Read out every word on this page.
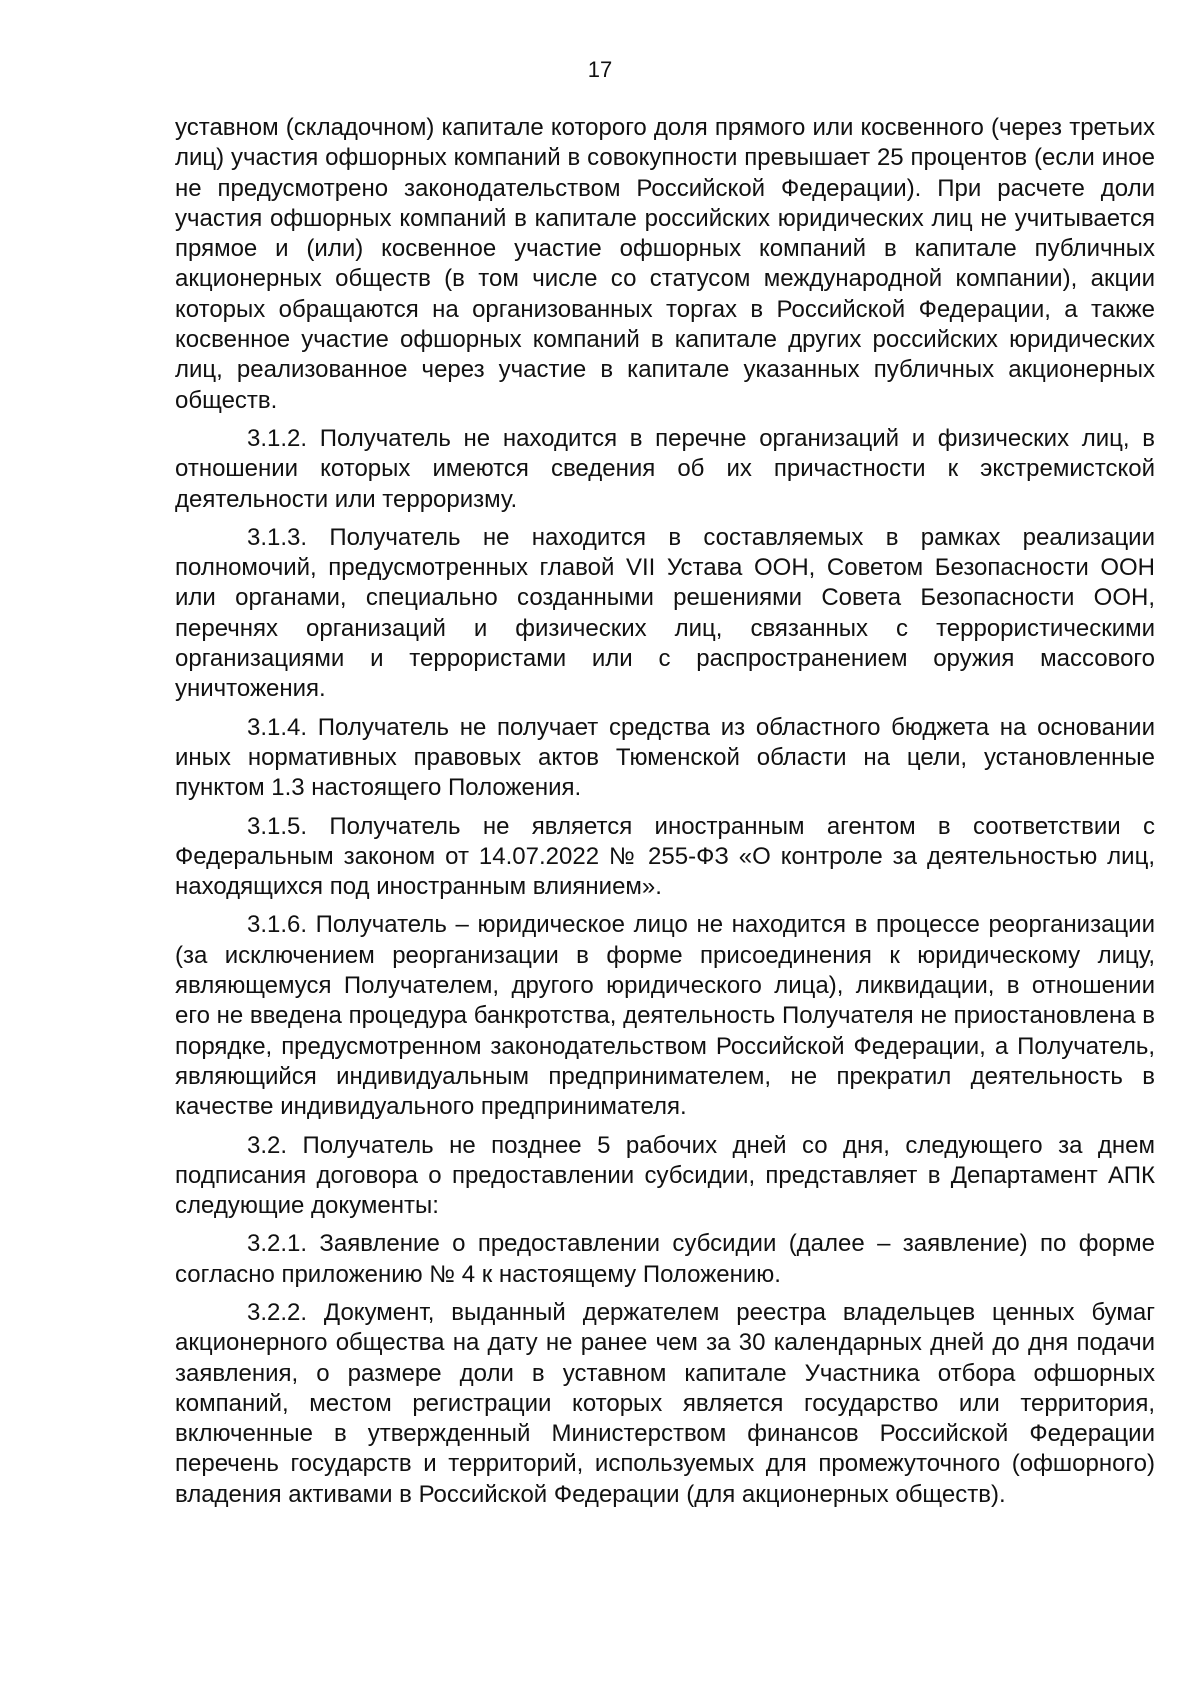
17

уставном (складочном) капитале которого доля прямого или косвенного (через третьих лиц) участия офшорных компаний в совокупности превышает 25 процентов (если иное не предусмотрено законодательством Российской Федерации). При расчете доли участия офшорных компаний в капитале российских юридических лиц не учитывается прямое и (или) косвенное участие офшорных компаний в капитале публичных акционерных обществ (в том числе со статусом международной компании), акции которых обращаются на организованных торгах в Российской Федерации, а также косвенное участие офшорных компаний в капитале других российских юридических лиц, реализованное через участие в капитале указанных публичных акционерных обществ.

3.1.2. Получатель не находится в перечне организаций и физических лиц, в отношении которых имеются сведения об их причастности к экстремистской деятельности или терроризму.

3.1.3. Получатель не находится в составляемых в рамках реализации полномочий, предусмотренных главой VII Устава ООН, Советом Безопасности ООН или органами, специально созданными решениями Совета Безопасности ООН, перечнях организаций и физических лиц, связанных с террористическими организациями и террористами или с распространением оружия массового уничтожения.

3.1.4. Получатель не получает средства из областного бюджета на основании иных нормативных правовых актов Тюменской области на цели, установленные пунктом 1.3 настоящего Положения.

3.1.5. Получатель не является иностранным агентом в соответствии с Федеральным законом от 14.07.2022 № 255-ФЗ «О контроле за деятельностью лиц, находящихся под иностранным влиянием».

3.1.6. Получатель – юридическое лицо не находится в процессе реорганизации (за исключением реорганизации в форме присоединения к юридическому лицу, являющемуся Получателем, другого юридического лица), ликвидации, в отношении его не введена процедура банкротства, деятельность Получателя не приостановлена в порядке, предусмотренном законодательством Российской Федерации, а Получатель, являющийся индивидуальным предпринимателем, не прекратил деятельность в качестве индивидуального предпринимателя.

3.2. Получатель не позднее 5 рабочих дней со дня, следующего за днем подписания договора о предоставлении субсидии, представляет в Департамент АПК следующие документы:

3.2.1. Заявление о предоставлении субсидии (далее – заявление) по форме согласно приложению № 4 к настоящему Положению.

3.2.2. Документ, выданный держателем реестра владельцев ценных бумаг акционерного общества на дату не ранее чем за 30 календарных дней до дня подачи заявления, о размере доли в уставном капитале Участника отбора офшорных компаний, местом регистрации которых является государство или территория, включенные в утвержденный Министерством финансов Российской Федерации перечень государств и территорий, используемых для промежуточного (офшорного) владения активами в Российской Федерации (для акционерных обществ).
